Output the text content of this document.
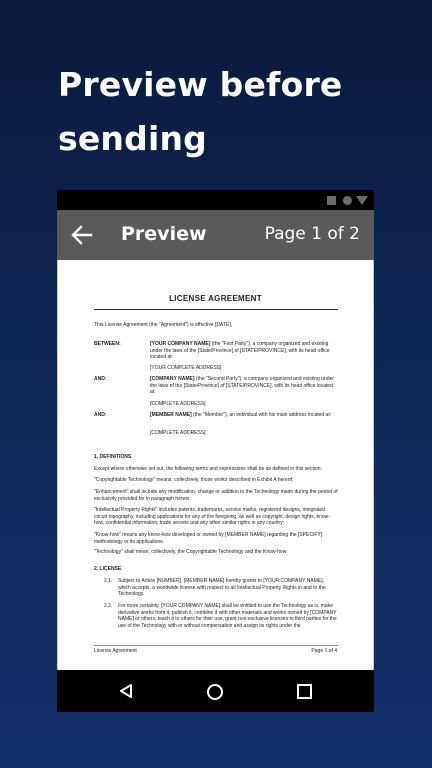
Preview before sending
Preview	Page 1 of 2
LICENSE AGREEMENT
This License Agreement (the "Agreement") is effective [DATE],
BETWEEN:	[YOUR COMPANY NAME] (the "First Party"), a company organized and existing under the laws of the [State/Province] of [STATE/PROVINCE], with its head office located at:
[YOUR COMPLETE ADDRESS]
AND:	[COMPANY NAME] (the "Second Party"), a company organized and existing under the laws of the [State/Province] of [STATE/PROVINCE], with its head office located at:
[COMPLETE ADDRESS]
AND:	[MEMBER NAME] (the "Member"), an individual with his main address located at:
[COMPLETE ADDRESS]
1. DEFINITIONS
Except where otherwise set out, the following terms and expressions shall be as defined in this section:
"Copyrightable Technology" means, collectively, those works described in Exhibit A hereof;
"Enhancement" shall include any modification, change or addition to the Technology made during the period of exclusivity provided for in paragraph herein.
"Intellectual Property Rights" includes patents, trademarks, service marks, registered designs, integrated circuit topography, including applications for any of the foregoing, as well as copyright, design rights, know-how, confidential information, trade secrets and any other similar rights in any country;
"Know-how" means any know-how developed or owned by [MEMBER NAME] regarding the [SPECIFY] methodology or its applications.
"Technology" shall mean, collectively, the Copyrightable Technology and the Know-how.
2. LICENSE
2.1. Subject to Article [NUMBER], [MEMBER NAME] hereby grants to [YOUR COMPANY NAME], which accepts, a worldwide license with respect to all Intellectual Property Rights in and to the Technology.
2.2. For more certainty, [YOUR COMPANY NAME] shall be entitled to use the Technology as is, make derivative works from it, publish it, combine it with other materials and works owned by [COMPANY NAME] or others, teach it to others for their use, grant non-exclusive licenses to third parties for the use of the Technology with or without compensation and assign its rights under the
License Agreement	Page 1 of 4
